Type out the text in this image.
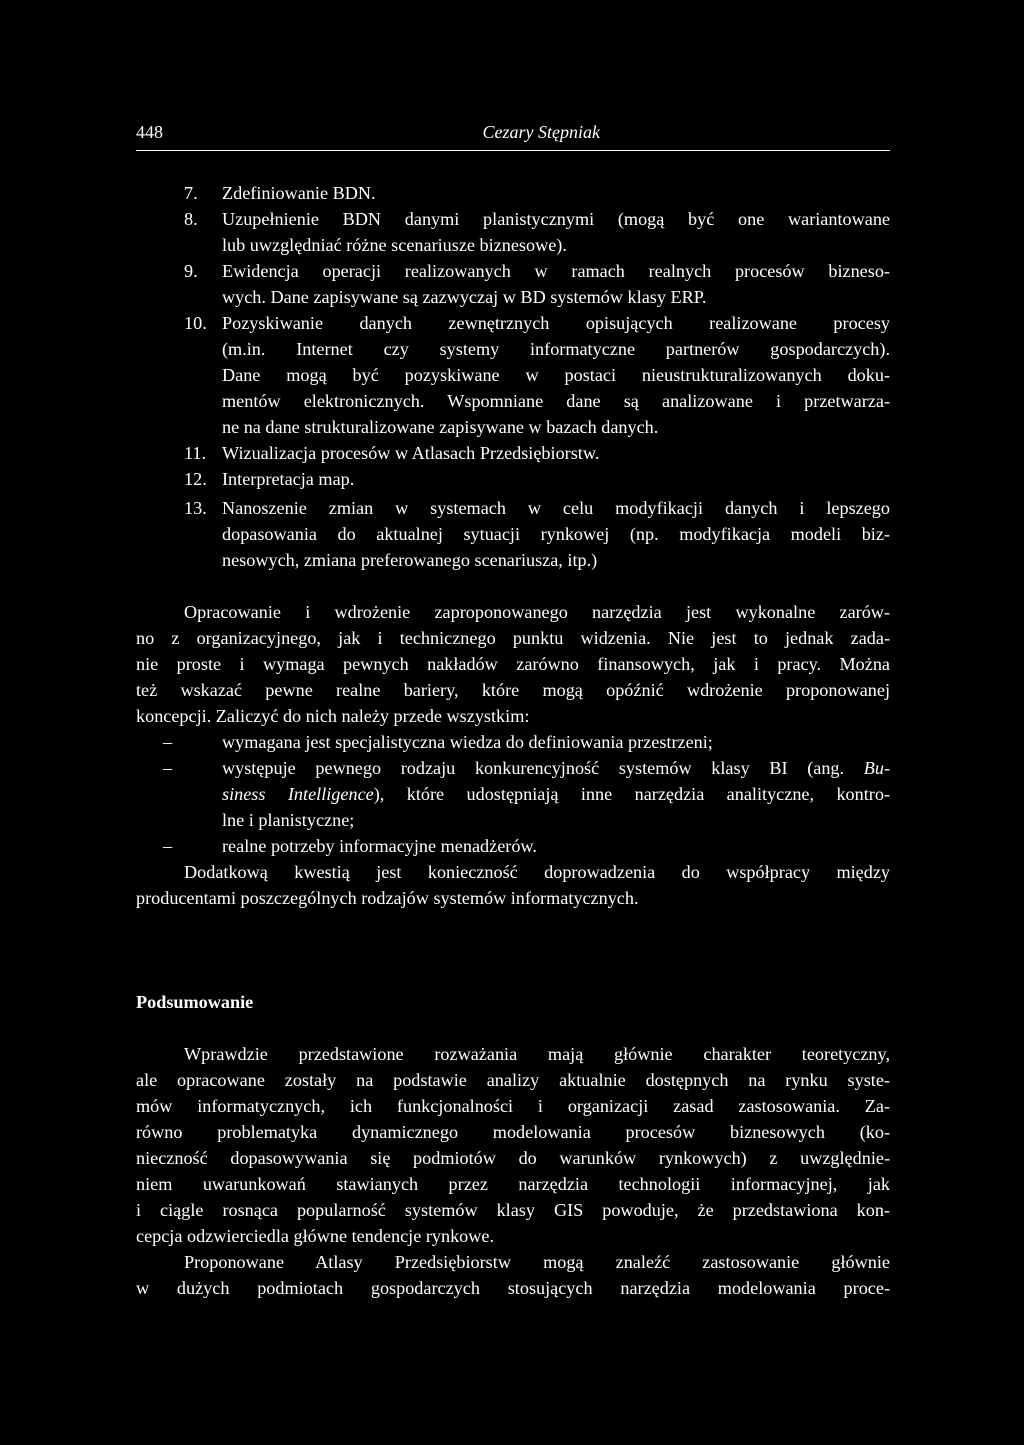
448	Cezary Stępniak
7.	Zdefiniowanie BDN.
8.	Uzupełnienie BDN danymi planistycznymi (mogą być one wariantowane
lub uwzględniać różne scenariusze biznesowe).
9.	Ewidencja operacji realizowanych w ramach realnych procesów bizneso-
wych. Dane zapisywane są zazwyczaj w BD systemów klasy ERP.
10. Pozyskiwanie danych zewnętrznych opisujących realizowane procesy
(m.in. Internet czy systemy informatyczne partnerów gospodarczych).
Dane mogą być pozyskiwane w postaci nieustrukturalizowanych doku-
mentów elektronicznych. Wspomniane dane są analizowane i przetwarza-
ne na dane strukturalizowane zapisywane w bazach danych.
11. Wizualizacja procesów w Atlasach Przedsiębiorstw.
12. Interpretacja map.
13. Nanoszenie zmian w systemach w celu modyfikacji danych i lepszego
dopasowania do aktualnej sytuacji rynkowej (np. modyfikacja modeli biz-
nesowych, zmiana preferowanego scenariusza, itp.)
Opracowanie i wdrożenie zaproponowanego narzędzia jest wykonalne zarów-
no z organizacyjnego, jak i technicznego punktu widzenia. Nie jest to jednak zada-
nie proste i wymaga pewnych nakładów zarówno finansowych, jak i pracy. Można
też wskazać pewne realne bariery, które mogą opóźnić wdrożenie proponowanej
koncepcji. Zaliczyć do nich należy przede wszystkim:
–	wymagana jest specjalistyczna wiedza do definiowania przestrzeni;
–	występuje pewnego rodzaju konkurencyjność systemów klasy BI (ang. Bu-
siness Intelligence), które udostępniają inne narzędzia analityczne, kontro-
lne i planistyczne;
–	realne potrzeby informacyjne menadżerów.
Dodatkową kwestią jest konieczność doprowadzenia do współpracy między
producentami poszczególnych rodzajów systemów informatycznych.
Podsumowanie
Wprawdzie przedstawione rozważania mają głównie charakter teoretyczny,
ale opracowane zostały na podstawie analizy aktualnie dostępnych na rynku syste-
mów informatycznych, ich funkcjonalności i organizacji zasad zastosowania. Za-
równo problematyka dynamicznego modelowania procesów biznesowych (ko-
nieczność dopasowywania się podmiotów do warunków rynkowych) z uwzględnie-
niem uwarunkowań stawianych przez narzędzia technologii informacyjnej, jak
i ciągle rosnąca popularność systemów klasy GIS powoduje, że przedstawiona kon-
cepcja odzwierciedla główne tendencje rynkowe.
Proponowane Atlasy Przedsiębiorstw mogą znaleźć zastosowanie głównie
w dużych podmiotach gospodarczych stosujących narzędzia modelowania proce-
